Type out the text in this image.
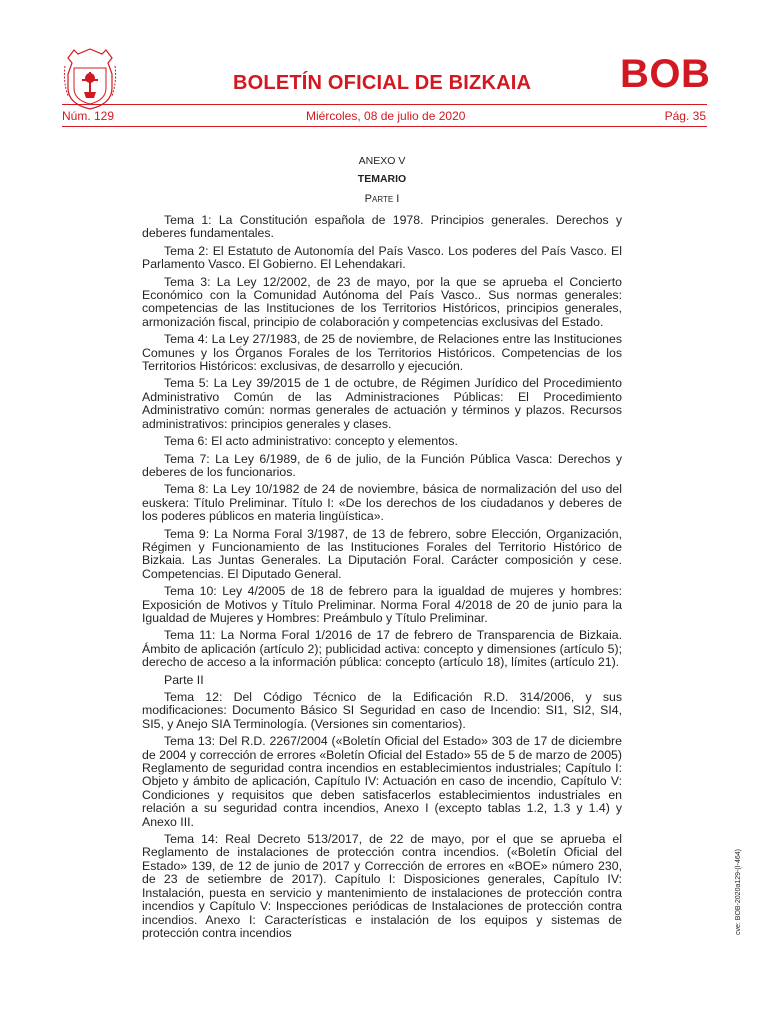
BOLETÍN OFICIAL DE BIZKAIA BOB
Núm. 129	Miércoles, 08 de julio de 2020	Pág. 35
ANEXO V
TEMARIO
Parte I

Tema 1: La Constitución española de 1978. Principios generales. Derechos y deberes fundamentales.

Tema 2: El Estatuto de Autonomía del País Vasco. Los poderes del País Vasco. El Parlamento Vasco. El Gobierno. El Lehendakari.

Tema 3: La Ley 12/2002, de 23 de mayo, por la que se aprueba el Concierto Económico con la Comunidad Autónoma del País Vasco.. Sus normas generales: competencias de las Instituciones de los Territorios Históricos, principios generales, armonización fiscal, principio de colaboración y competencias exclusivas del Estado.

Tema 4: La Ley 27/1983, de 25 de noviembre, de Relaciones entre las Instituciones Comunes y los Órganos Forales de los Territorios Históricos. Competencias de los Territorios Históricos: exclusivas, de desarrollo y ejecución.

Tema 5: La Ley 39/2015 de 1 de octubre, de Régimen Jurídico del Procedimiento Administrativo Común de las Administraciones Públicas: El Procedimiento Administrativo común: normas generales de actuación y términos y plazos. Recursos administrativos: principios generales y clases.

Tema 6: El acto administrativo: concepto y elementos.

Tema 7: La Ley 6/1989, de 6 de julio, de la Función Pública Vasca: Derechos y deberes de los funcionarios.

Tema 8: La Ley 10/1982 de 24 de noviembre, básica de normalización del uso del euskera: Título Preliminar. Título I: «De los derechos de los ciudadanos y deberes de los poderes públicos en materia lingüística».

Tema 9: La Norma Foral 3/1987, de 13 de febrero, sobre Elección, Organización, Régimen y Funcionamiento de las Instituciones Forales del Territorio Histórico de Bizkaia. Las Juntas Generales. La Diputación Foral. Carácter composición y cese. Competencias. El Diputado General.

Tema 10: Ley 4/2005 de 18 de febrero para la igualdad de mujeres y hombres: Exposición de Motivos y Título Preliminar. Norma Foral 4/2018 de 20 de junio para la Igualdad de Mujeres y Hombres: Preámbulo y Título Preliminar.

Tema 11: La Norma Foral 1/2016 de 17 de febrero de Transparencia de Bizkaia. Ámbito de aplicación (artículo 2); publicidad activa: concepto y dimensiones (artículo 5); derecho de acceso a la información pública: concepto (artículo 18), límites (artículo 21).

Parte II

Tema 12: Del Código Técnico de la Edificación R.D. 314/2006, y sus modificaciones: Documento Básico SI Seguridad en caso de Incendio: SI1, SI2, SI4, SI5, y Anejo SIA Terminología. (Versiones sin comentarios).

Tema 13: Del R.D. 2267/2004 («Boletín Oficial del Estado» 303 de 17 de diciembre de 2004 y corrección de errores «Boletín Oficial del Estado» 55 de 5 de marzo de 2005) Reglamento de seguridad contra incendios en establecimientos industriales; Capítulo I: Objeto y ámbito de aplicación, Capítulo IV: Actuación en caso de incendio, Capítulo V: Condiciones y requisitos que deben satisfacerlos establecimientos industriales en relación a su seguridad contra incendios, Anexo I (excepto tablas 1.2, 1.3 y 1.4) y Anexo III.

Tema 14: Real Decreto 513/2017, de 22 de mayo, por el que se aprueba el Reglamento de instalaciones de protección contra incendios. («Boletín Oficial del Estado» 139, de 12 de junio de 2017 y Corrección de errores en «BOE» número 230, de 23 de setiembre de 2017). Capítulo I: Disposiciones generales, Capítulo IV: Instalación, puesta en servicio y mantenimiento de instalaciones de protección contra incendios y Capítulo V: Inspecciones periódicas de Instalaciones de protección contra incendios. Anexo I: Características e instalación de los equipos y sistemas de protección contra incendios	cve: BOB-2020a129-(I-464)
